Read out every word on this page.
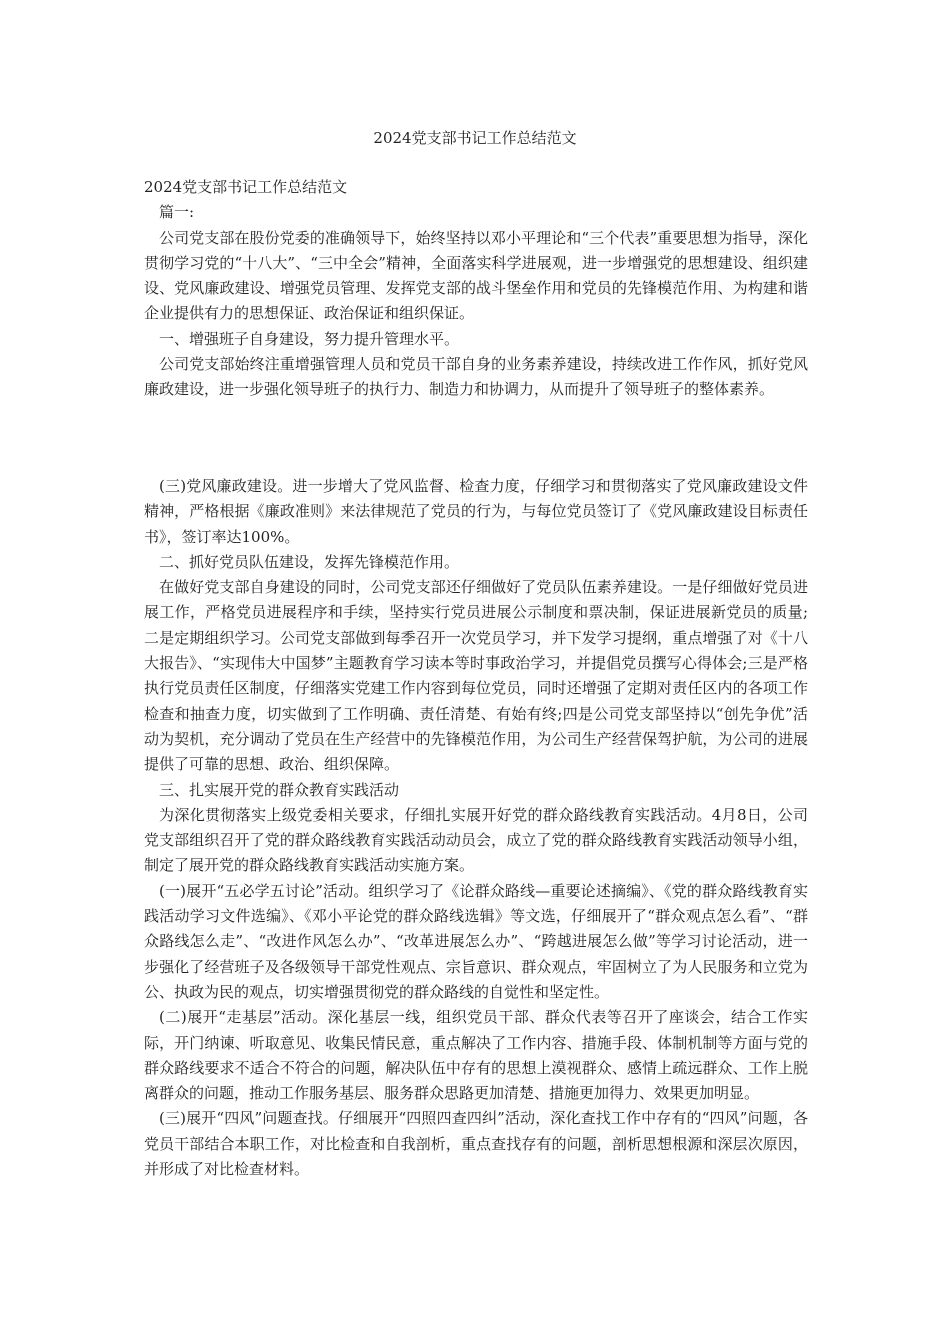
2024党支部书记工作总结范文

2024党支部书记工作总结范文

篇一:

公司党支部在股份党委的准确领导下，始终坚持以邓小平理论和“三个代表”重要思想为指导，深化贯彻学习党的“十八大”、“三中全会”精神，全面落实科学进展观，进一步增强党的思想建设、组织建设、党风廉政建设、增强党员管理、发挥党支部的战斗堡垒作用和党员的先锋模范作用、为构建和谐企业提供有力的思想保证、政治保证和组织保证。

一、增强班子自身建设，努力提升管理水平。

公司党支部始终注重增强管理人员和党员干部自身的业务素养建设，持续改进工作作风，抓好党风廉政建设，进一步强化领导班子的执行力、制造力和协调力，从而提升了领导班子的整体素养。

(三)党风廉政建设。进一步增大了党风监督、检查力度，仔细学习和贯彻落实了党风廉政建设文件精神，严格根据《廉政准则》来法律规范了党员的行为，与每位党员签订了《党风廉政建设目标责任书》，签订率达100%。

二、抓好党员队伍建设，发挥先锋模范作用。

在做好党支部自身建设的同时，公司党支部还仔细做好了党员队伍素养建设。一是仔细做好党员进展工作，严格党员进展程序和手续，坚持实行党员进展公示制度和票决制，保证进展新党员的质量;二是定期组织学习。公司党支部做到每季召开一次党员学习，并下发学习提纲，重点增强了对《十八大报告》、“实现伟大中国梦”主题教育学习读本等时事政治学习，并提倡党员撰写心得体会;三是严格执行党员责任区制度，仔细落实党建工作内容到每位党员，同时还增强了定期对责任区内的各项工作检查和抽查力度，切实做到了工作明确、责任清楚、有始有终;四是公司党支部坚持以“创先争优”活动为契机，充分调动了党员在生产经营中的先锋模范作用，为公司生产经营保驾护航，为公司的进展提供了可靠的思想、政治、组织保障。

三、扎实展开党的群众教育实践活动

为深化贯彻落实上级党委相关要求，仔细扎实展开好党的群众路线教育实践活动。4月8日，公司党支部组织召开了党的群众路线教育实践活动动员会，成立了党的群众路线教育实践活动领导小组，制定了展开党的群众路线教育实践活动实施方案。

(一)展开“五必学五讨论”活动。组织学习了《论群众路线—重要论述摘编》、《党的群众路线教育实践活动学习文件选编》、《邓小平论党的群众路线选辑》等文选，仔细展开了“群众观点怎么看”、“群众路线怎么走”、“改进作风怎么办”、“改革进展怎么办”、“跨越进展怎么做”等学习讨论活动，进一步强化了经营班子及各级领导干部党性观点、宗旨意识、群众观点，牢固树立了为人民服务和立党为公、执政为民的观点，切实增强贯彻党的群众路线的自觉性和坚定性。

(二)展开“走基层”活动。深化基层一线，组织党员干部、群众代表等召开了座谈会，结合工作实际，开门纳谏、听取意见、收集民情民意，重点解决了工作内容、措施手段、体制机制等方面与党的群众路线要求不适合不符合的问题，解决队伍中存有的思想上漠视群众、感情上疏远群众、工作上脱离群众的问题，推动工作服务基层、服务群众思路更加清楚、措施更加得力、效果更加明显。

(三)展开“四风”问题查找。仔细展开“四照四查四纠”活动，深化查找工作中存有的“四风”问题，各党员干部结合本职工作，对比检查和自我剖析，重点查找存有的问题，剖析思想根源和深层次原因，并形成了对比检查材料。
